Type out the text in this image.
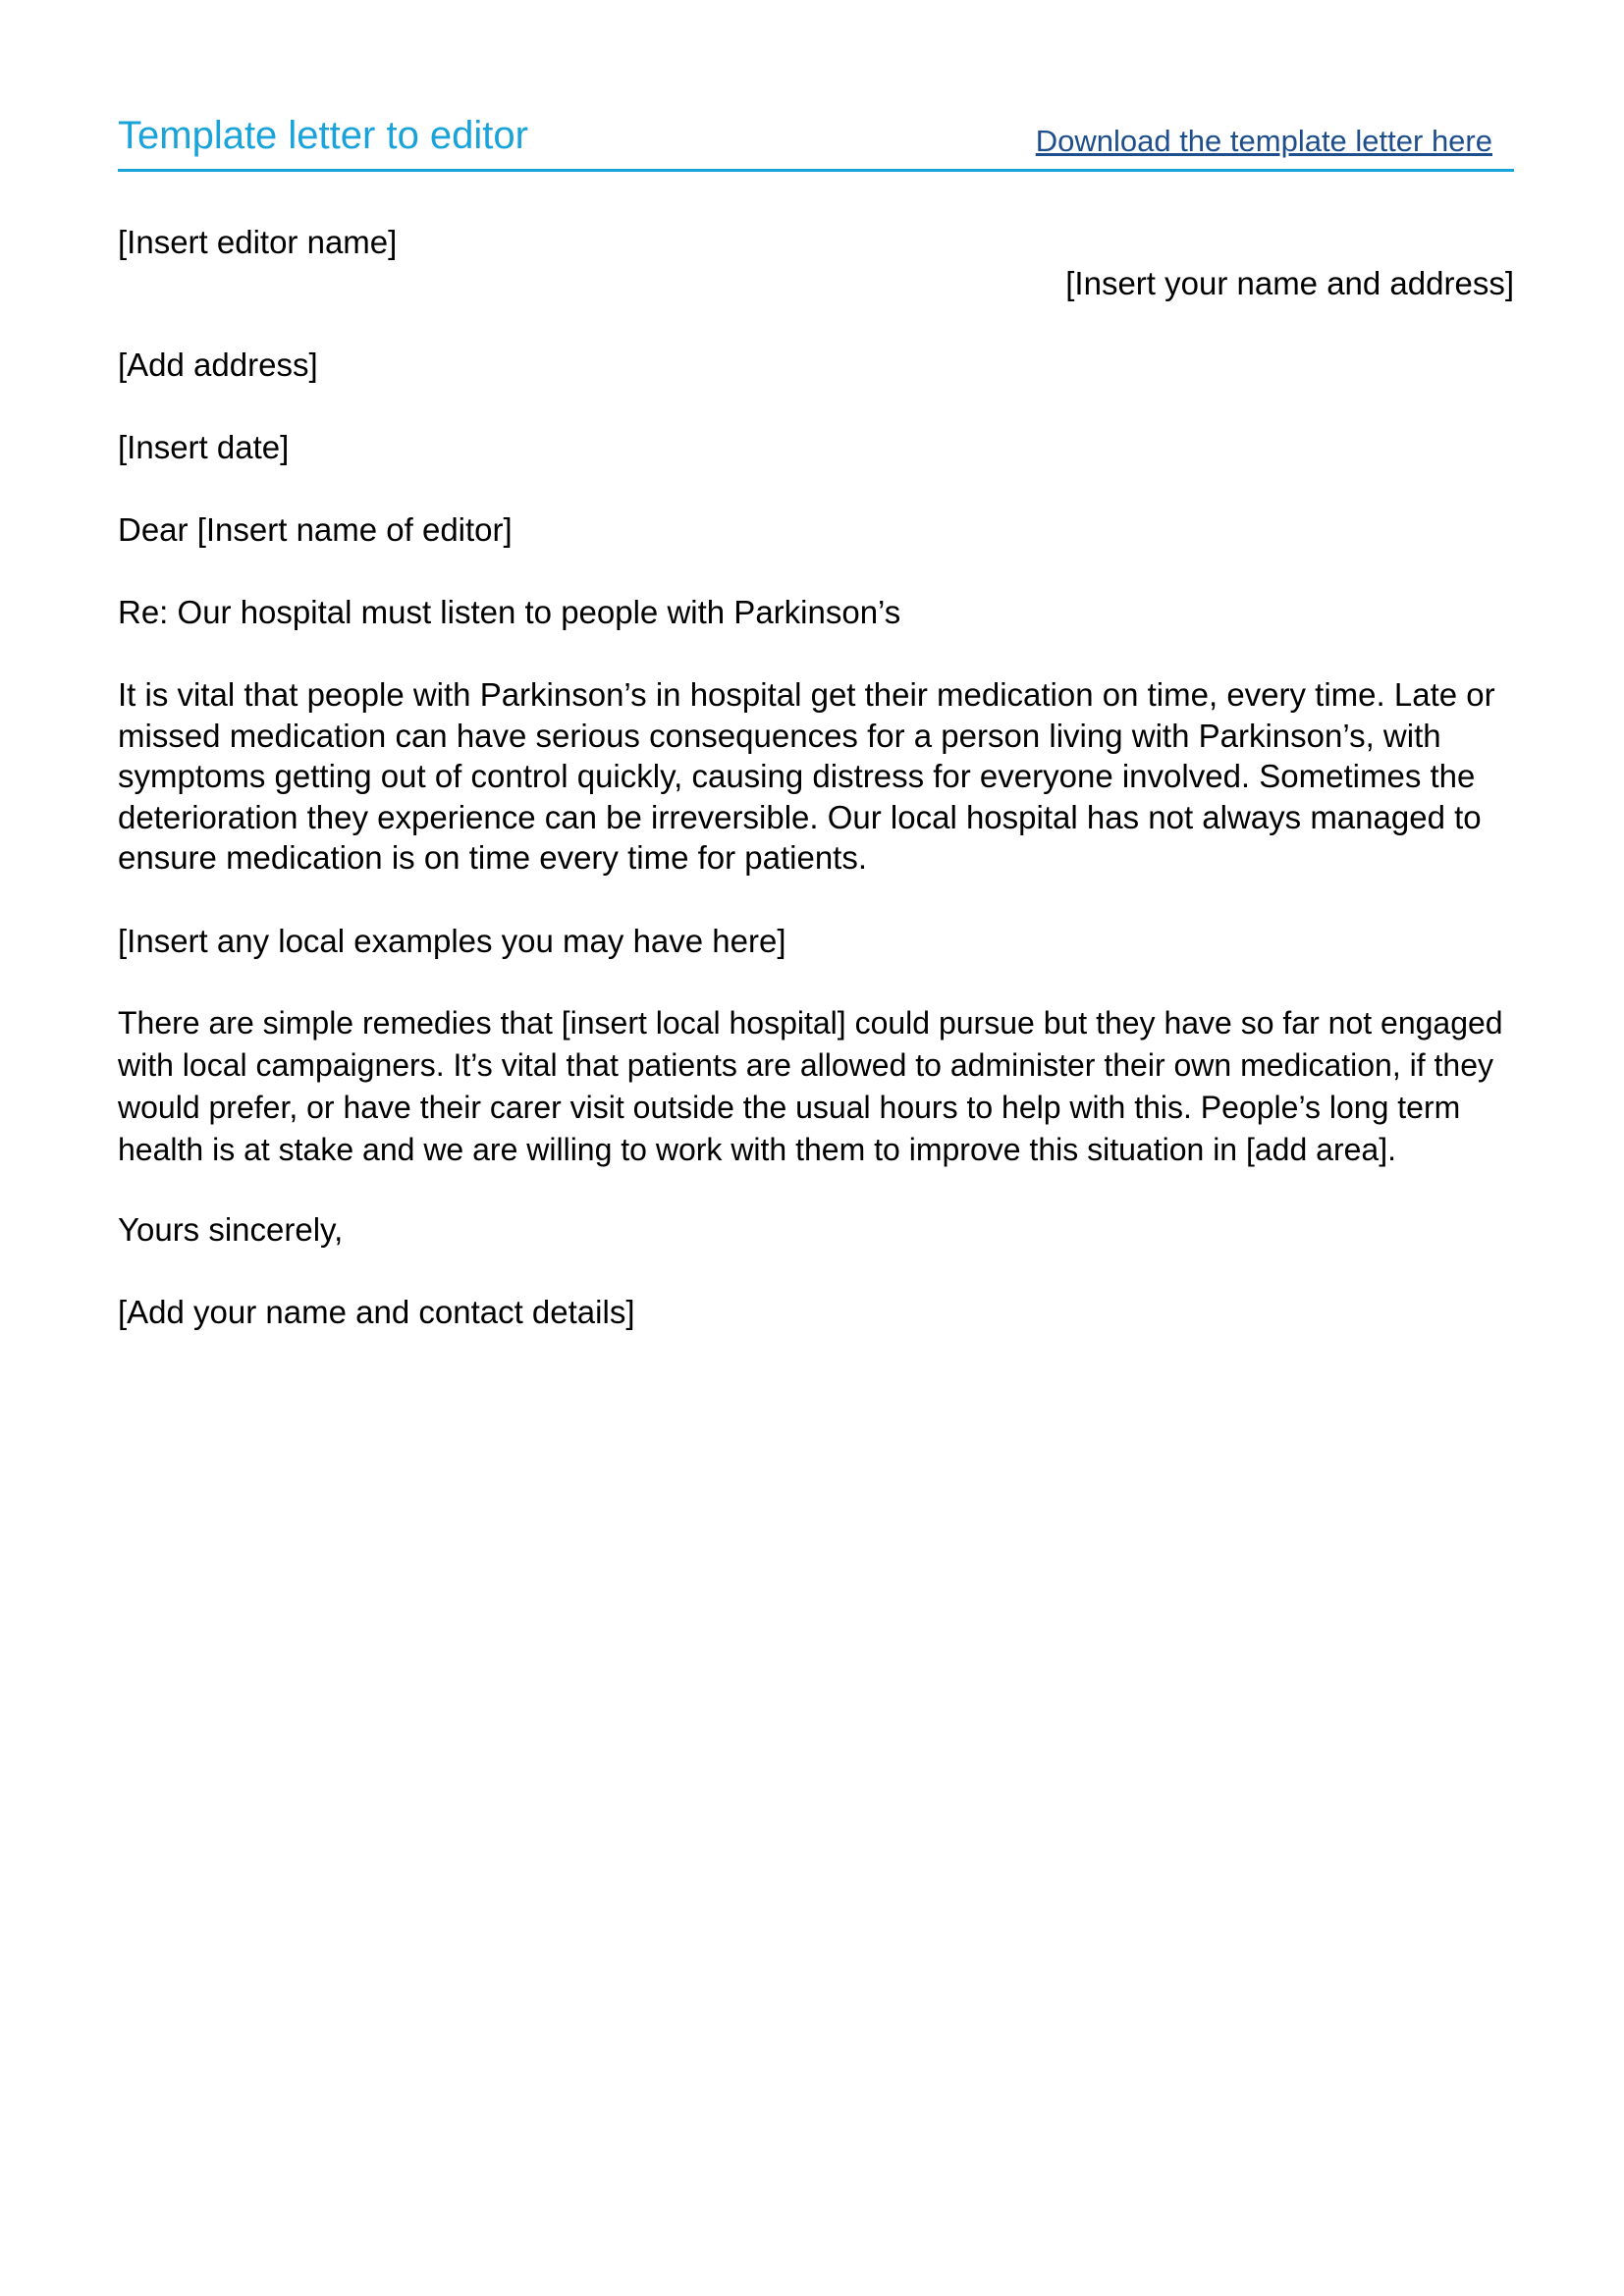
Template letter to editor	Download the template letter here
[Insert editor name]
[Insert your name and address]
[Add address]
[Insert date]
Dear [Insert name of editor]
Re: Our hospital must listen to people with Parkinson’s
It is vital that people with Parkinson’s in hospital get their medication on time, every time. Late or missed medication can have serious consequences for a person living with Parkinson’s, with symptoms getting out of control quickly, causing distress for everyone involved. Sometimes the deterioration they experience can be irreversible. Our local hospital has not always managed to ensure medication is on time every time for patients.
[Insert any local examples you may have here]
There are simple remedies that [insert local hospital] could pursue but they have so far not engaged with local campaigners. It’s vital that patients are allowed to administer their own medication, if they would prefer, or have their carer visit outside the usual hours to help with this. People’s long term health is at stake and we are willing to work with them to improve this situation in [add area].
Yours sincerely,
[Add your name and contact details]
